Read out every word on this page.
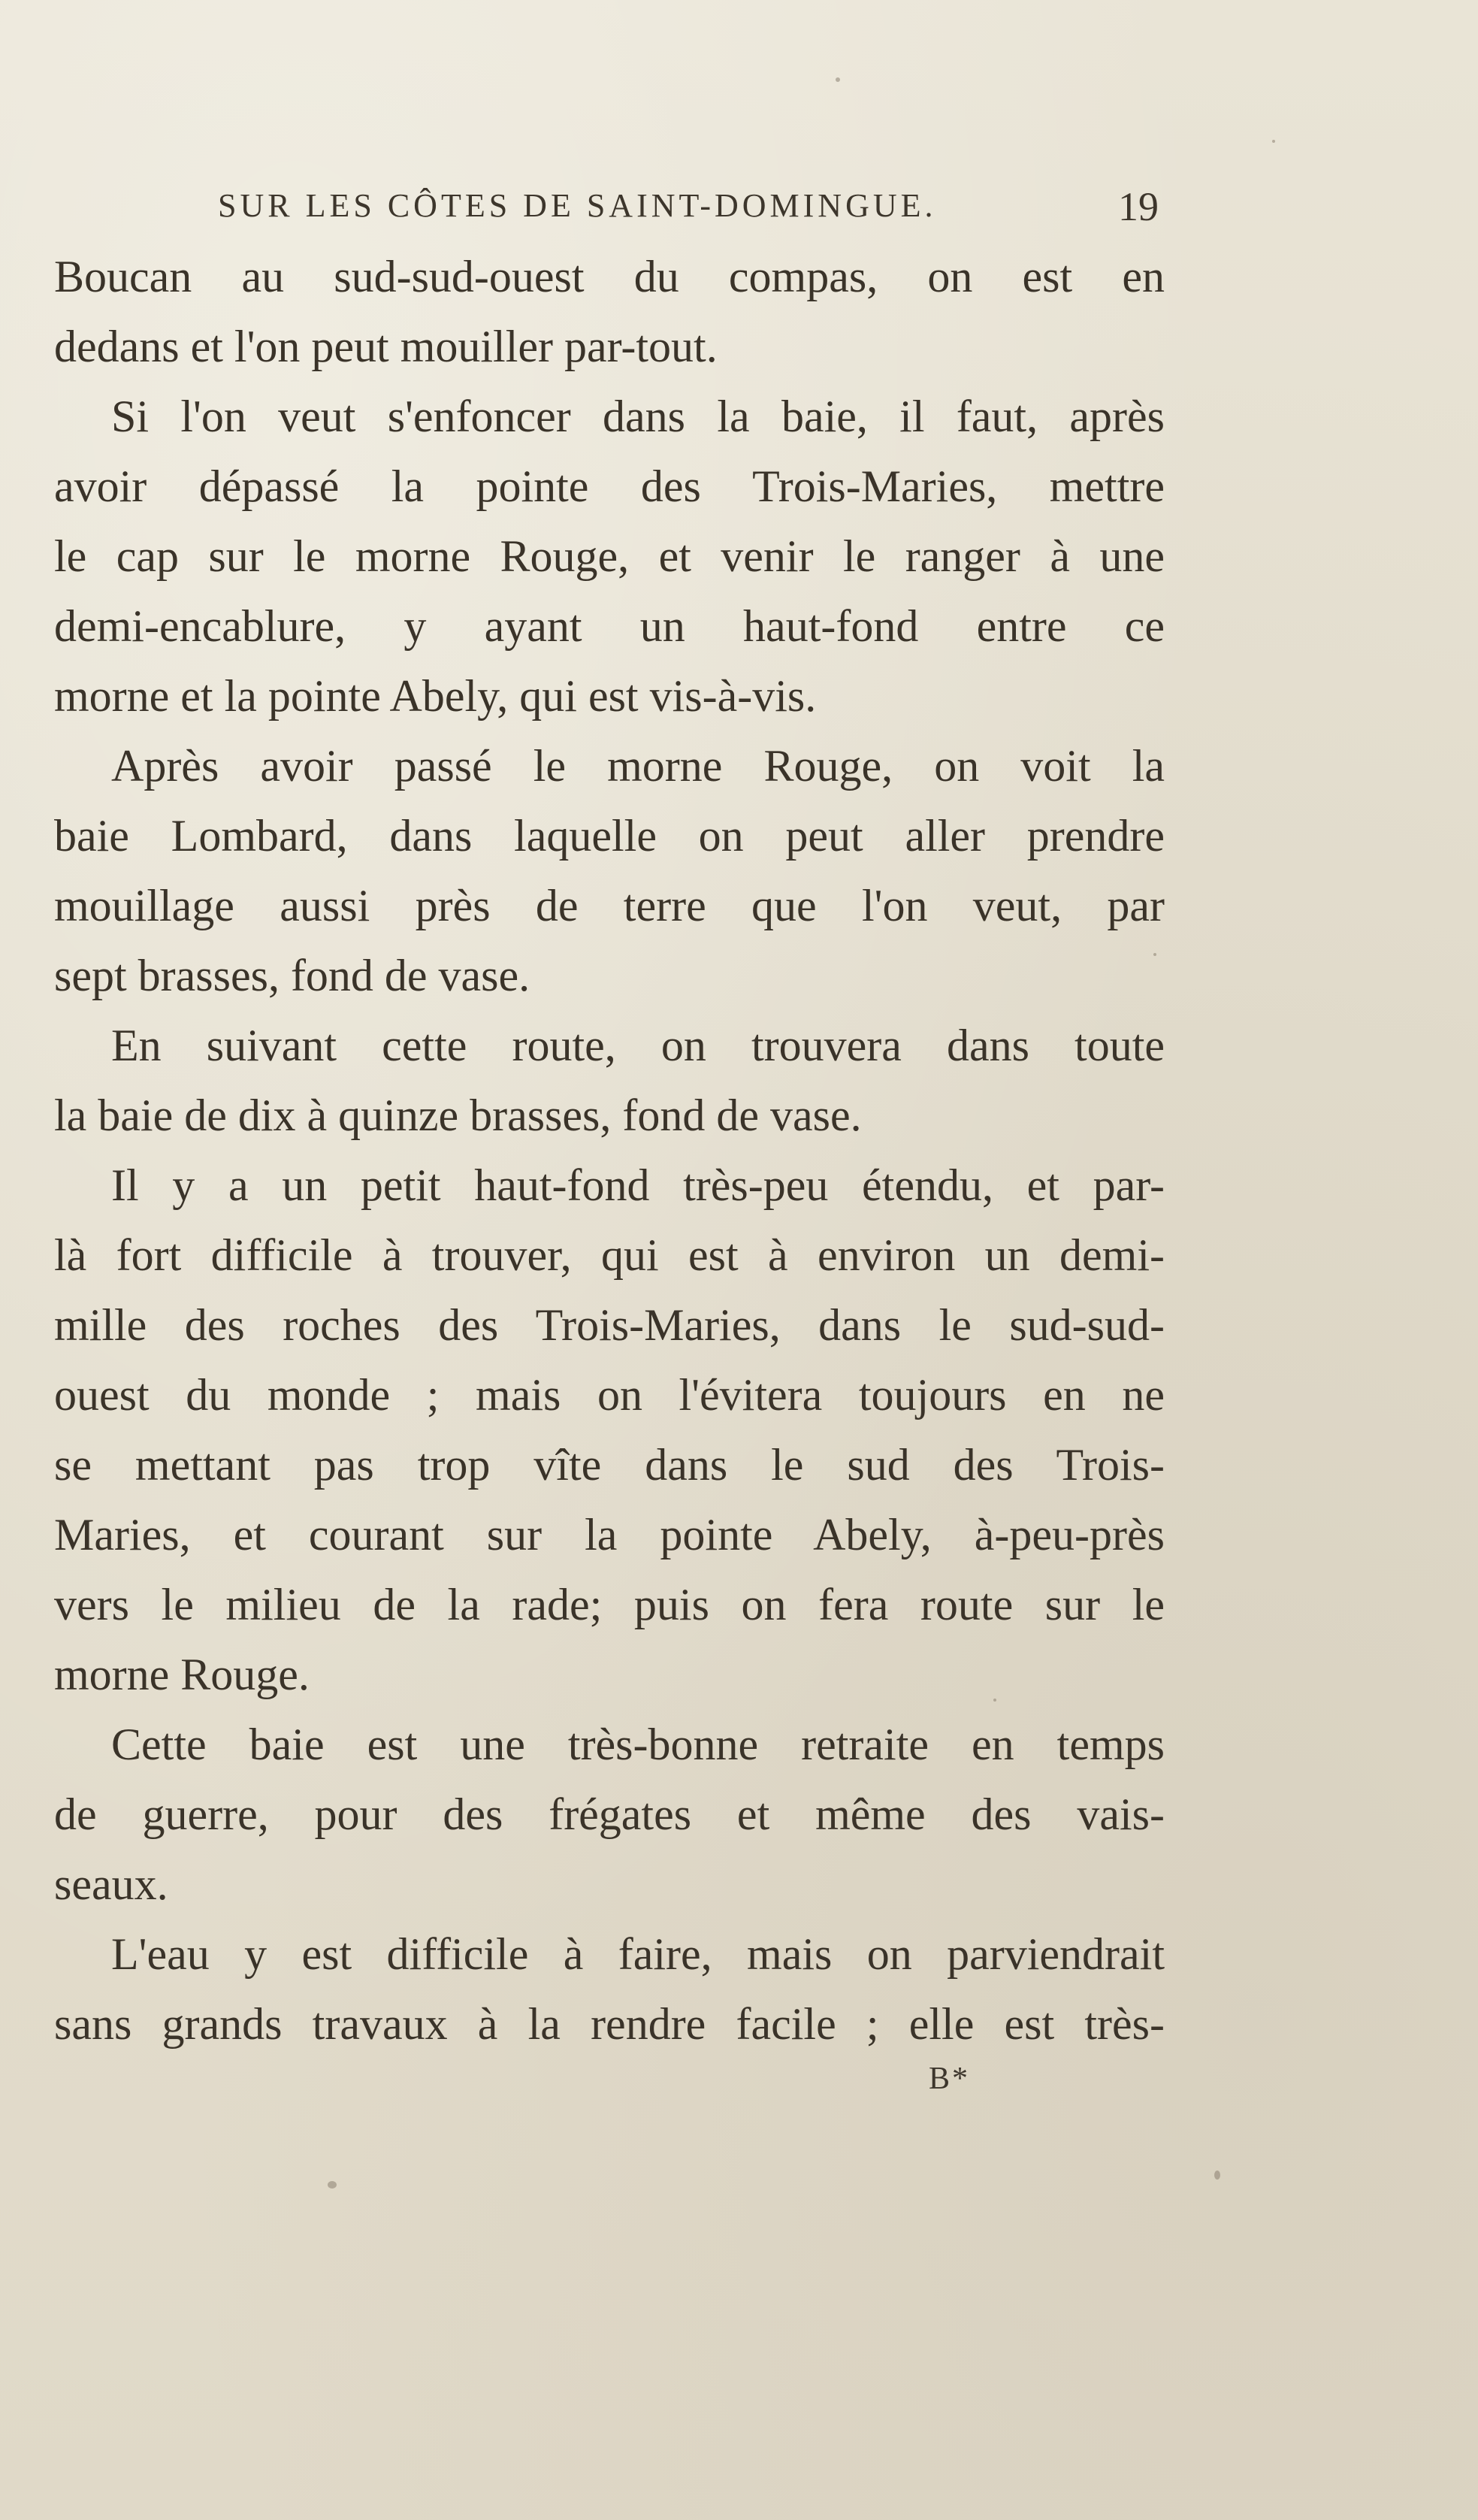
SUR LES CÔTES DE SAINT-DOMINGUE.	19
Boucan au sud-sud-ouest du compas, on est en
dedans et l'on peut mouiller par-tout.
Si l'on veut s'enfoncer dans la baie, il faut, après
avoir dépassé la pointe des Trois-Maries, mettre
le cap sur le morne Rouge, et venir le ranger à une
demi-encablure, y ayant un haut-fond entre ce
morne et la pointe Abely, qui est vis-à-vis.
Après avoir passé le morne Rouge, on voit la
baie Lombard, dans laquelle on peut aller prendre
mouillage aussi près de terre que l'on veut, par
sept brasses, fond de vase.
En suivant cette route, on trouvera dans toute
la baie de dix à quinze brasses, fond de vase.
Il y a un petit haut-fond très-peu étendu, et par-
là fort difficile à trouver, qui est à environ un demi-
mille des roches des Trois-Maries, dans le sud-sud-
ouest du monde ; mais on l'évitera toujours en ne
se mettant pas trop vîte dans le sud des Trois-
Maries, et courant sur la pointe Abely, à-peu-près
vers le milieu de la rade; puis on fera route sur le
morne Rouge.
Cette baie est une très-bonne retraite en temps
de guerre, pour des frégates et même des vais-
seaux.
L'eau y est difficile à faire, mais on parviendrait
sans grands travaux à la rendre facile ; elle est très-
B*
